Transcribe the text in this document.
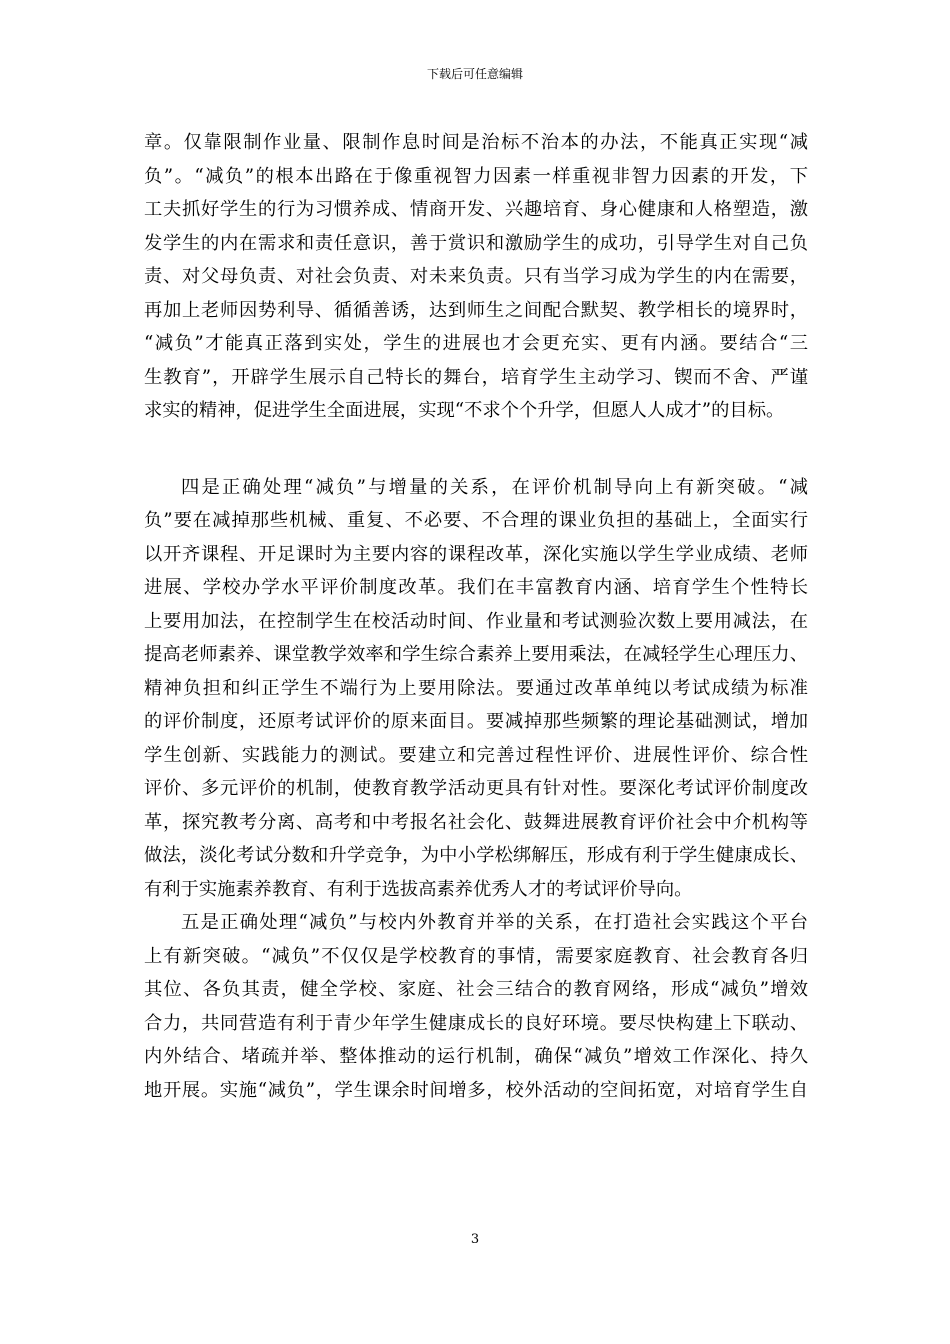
下载后可任意编辑
章。仅靠限制作业量、限制作息时间是治标不治本的办法，不能真正实现“减
负”。“减负”的根本出路在于像重视智力因素一样重视非智力因素的开发，下
工夫抓好学生的行为习惯养成、情商开发、兴趣培育、身心健康和人格塑造，激
发学生的内在需求和责任意识，善于赏识和激励学生的成功，引导学生对自己负
责、对父母负责、对社会负责、对未来负责。只有当学习成为学生的内在需要，
再加上老师因势利导、循循善诱，达到师生之间配合默契、教学相长的境界时，
“减负”才能真正落到实处，学生的进展也才会更充实、更有内涵。要结合“三
生教育”，开辟学生展示自己特长的舞台，培育学生主动学习、锲而不舍、严谨
求实的精神，促进学生全面进展，实现“不求个个升学，但愿人人成才”的目标。
四是正确处理“减负”与增量的关系，在评价机制导向上有新突破。“减
负”要在减掉那些机械、重复、不必要、不合理的课业负担的基础上，全面实行
以开齐课程、开足课时为主要内容的课程改革，深化实施以学生学业成绩、老师
进展、学校办学水平评价制度改革。我们在丰富教育内涵、培育学生个性特长
上要用加法，在控制学生在校活动时间、作业量和考试测验次数上要用减法，在
提高老师素养、课堂教学效率和学生综合素养上要用乘法，在减轻学生心理压力、
精神负担和纠正学生不端行为上要用除法。要通过改革单纯以考试成绩为标准
的评价制度，还原考试评价的原来面目。要减掉那些频繁的理论基础测试，增加
学生创新、实践能力的测试。要建立和完善过程性评价、进展性评价、综合性
评价、多元评价的机制，使教育教学活动更具有针对性。要深化考试评价制度改
革，探究教考分离、高考和中考报名社会化、鼓舞进展教育评价社会中介机构等
做法，淡化考试分数和升学竞争，为中小学松绑解压，形成有利于学生健康成长、
有利于实施素养教育、有利于选拔高素养优秀人才的考试评价导向。
五是正确处理“减负”与校内外教育并举的关系，在打造社会实践这个平台
上有新突破。“减负”不仅仅是学校教育的事情，需要家庭教育、社会教育各归
其位、各负其责，健全学校、家庭、社会三结合的教育网络，形成“减负”增效
合力，共同营造有利于青少年学生健康成长的良好环境。要尽快构建上下联动、
内外结合、堵疏并举、整体推动的运行机制，确保“减负”增效工作深化、持久
地开展。实施“减负”，学生课余时间增多，校外活动的空间拓宽，对培育学生自
3
